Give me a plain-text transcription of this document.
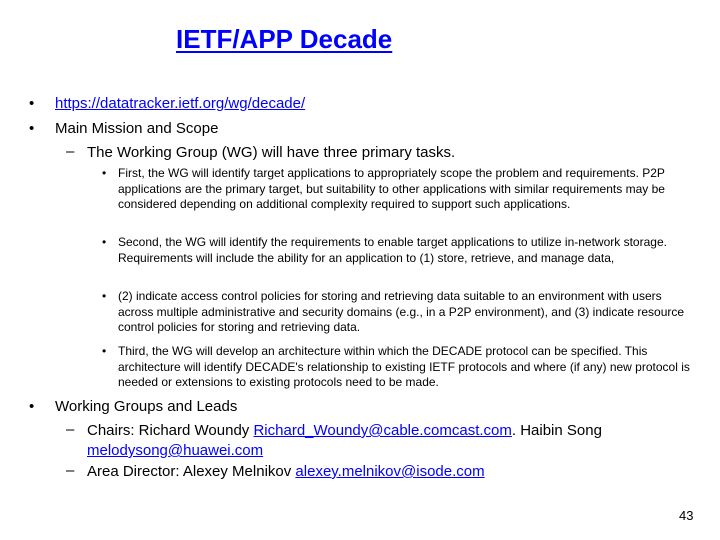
IETF/APP Decade
• https://datatracker.ietf.org/wg/decade/
• Main Mission and Scope
– The Working Group (WG) will have three primary tasks.
• First, the WG will identify target applications to appropriately scope the problem and requirements. P2P applications are the primary target, but suitability to other applications with similar requirements may be considered depending on additional complexity required to support such applications.
• Second, the WG will identify the requirements to enable target applications to utilize in-network storage. Requirements will include the ability for an application to (1) store, retrieve, and manage data,
• (2) indicate access control policies for storing and retrieving data suitable to an environment with users across multiple administrative and security domains (e.g., in a P2P environment), and (3) indicate resource control policies for storing and retrieving data.
• Third, the WG will develop an architecture within which the DECADE protocol can be specified. This architecture will identify DECADE's relationship to existing IETF protocols and where (if any) new protocol is needed or extensions to existing protocols need to be made.
• Working Groups and Leads
– Chairs: Richard Woundy Richard_Woundy@cable.comcast.com. Haibin Song
melodysong@huawei.com
– Area Director: Alexey Melnikov alexey.melnikov@isode.com
43
